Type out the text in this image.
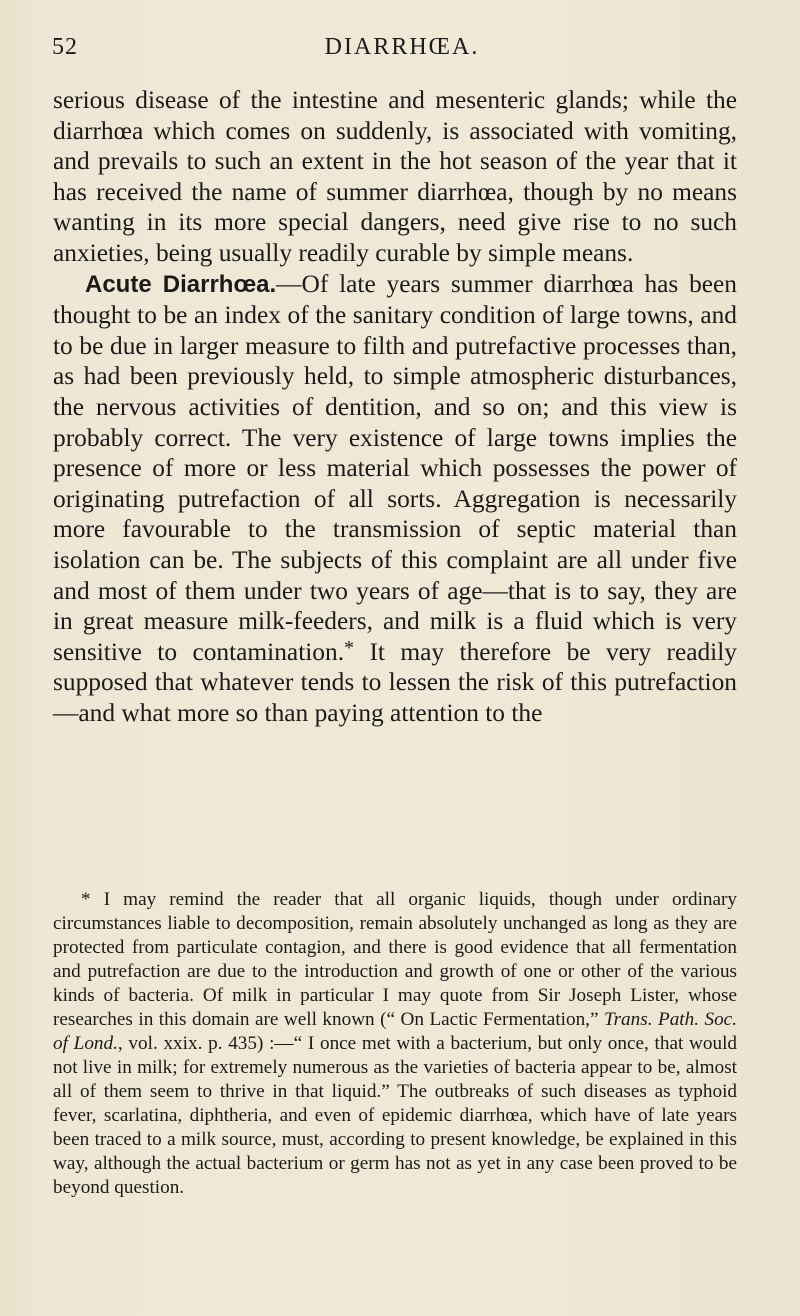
52	DIARRHŒA.

serious disease of the intestine and mesenteric glands; while the diarrhœa which comes on suddenly, is associated with vomiting, and prevails to such an extent in the hot season of the year that it has received the name of summer diarrhœa, though by no means wanting in its more special dangers, need give rise to no such anxieties, being usually readily curable by simple means.

Acute Diarrhœa.—Of late years summer diarrhœa has been thought to be an index of the sanitary condition of large towns, and to be due in larger measure to filth and putrefactive processes than, as had been previously held, to simple atmospheric disturbances, the nervous activities of dentition, and so on; and this view is probably correct. The very existence of large towns implies the presence of more or less material which possesses the power of originating putrefaction of all sorts. Aggregation is necessarily more favourable to the transmission of septic material than isolation can be. The subjects of this complaint are all under five and most of them under two years of age—that is to say, they are in great measure milk-feeders, and milk is a fluid which is very sensitive to contamination.* It may therefore be very readily supposed that whatever tends to lessen the risk of this putrefaction —and what more so than paying attention to the

* I may remind the reader that all organic liquids, though under ordinary circumstances liable to decomposition, remain absolutely unchanged as long as they are protected from particulate contagion, and there is good evidence that all fermentation and putrefaction are due to the introduction and growth of one or other of the various kinds of bacteria. Of milk in particular I may quote from Sir Joseph Lister, whose researches in this domain are well known (“ On Lactic Fermentation,” Trans. Path. Soc. of Lond., vol. xxix. p. 435) :—“ I once met with a bacterium, but only once, that would not live in milk; for extremely numerous as the varieties of bacteria appear to be, almost all of them seem to thrive in that liquid.” The outbreaks of such diseases as typhoid fever, scarlatina, diphtheria, and even of epidemic diarrhœa, which have of late years been traced to a milk source, must, according to present knowledge, be explained in this way, although the actual bacterium or germ has not as yet in any case been proved to be beyond question.
